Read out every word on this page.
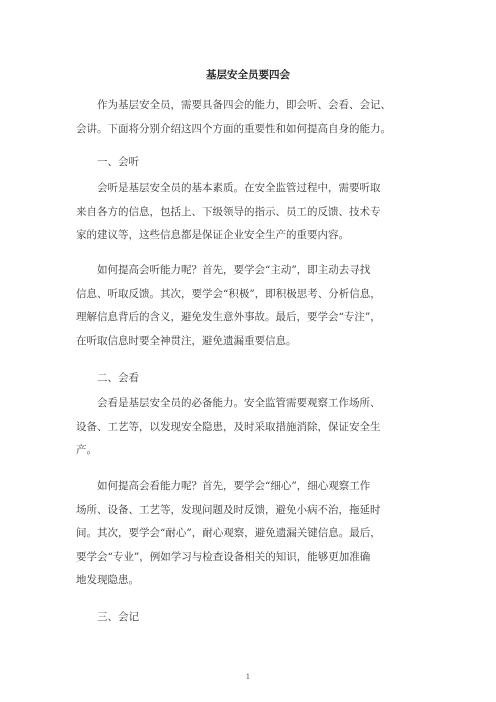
基层安全员要四会

作为基层安全员，需要具备四会的能力，即会听、会看、会记、
会讲。下面将分别介绍这四个方面的重要性和如何提高自身的能力。

一、会听

会听是基层安全员的基本素质。在安全监管过程中，需要听取
来自各方的信息，包括上、下级领导的指示、员工的反馈、技术专
家的建议等，这些信息都是保证企业安全生产的重要内容。

如何提高会听能力呢？首先，要学会“主动”，即主动去寻找
信息、听取反馈。其次，要学会“积极”，即积极思考、分析信息，
理解信息背后的含义，避免发生意外事故。最后，要学会“专注”，
在听取信息时要全神贯注，避免遗漏重要信息。

二、会看

会看是基层安全员的必备能力。安全监管需要观察工作场所、
设备、工艺等，以发现安全隐患，及时采取措施消除，保证安全生
产。

如何提高会看能力呢？首先，要学会“细心”，细心观察工作
场所、设备、工艺等，发现问题及时反馈，避免小病不治，拖延时
间。其次，要学会“耐心”，耐心观察，避免遗漏关键信息。最后，
要学会“专业”，例如学习与检查设备相关的知识，能够更加准确
地发现隐患。

三、会记

1
